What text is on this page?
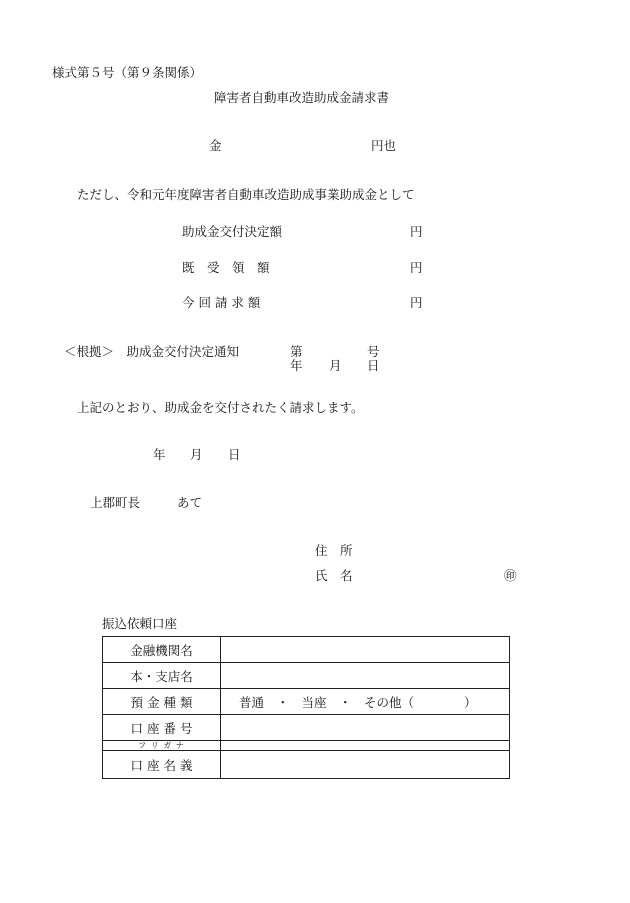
様式第５号（第９条関係）
障害者自動車改造助成金請求書
金	円也
ただし、令和元年度障害者自動車改造助成事業助成金として
助成金交付決定額	円
既　受　領　額	円
今 回 請 求 額	円
＜根拠＞　助成金交付決定通知	第	号
年 月 日
上記のとおり、助成金を交付されたく請求します。
年 月 日
上郡町長	あて
住　所
氏　名	㊞
振込依頼口座
金融機関名	
本・支店名	
預 金 種 類	普通　・　当座　・　その他（　　　　）
口 座 番 号	
フ リ ガ ナ	
口 座 名 義	
